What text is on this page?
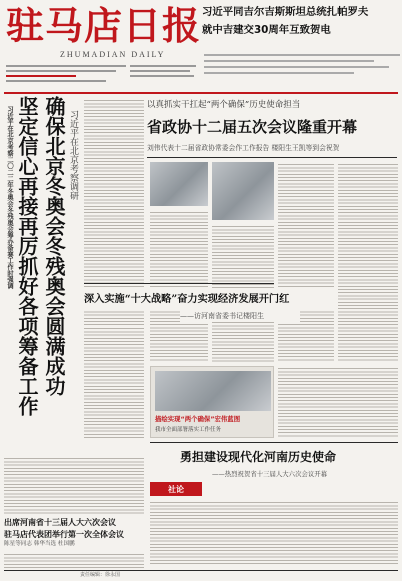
驻马店日报
ZHUMADIAN DAILY
习近平同吉尔吉斯斯坦总统扎帕罗夫
就中吉建交30周年互致贺电
以真抓实干扛起“两个确保”历史使命担当
省政协十二届五次会议隆重开幕
刘伟代表十二届省政协常委会作工作报告 楼阳生王凯等到会祝贺
习近平在北京考察调研
确保北京冬奥会冬残奥会圆满成功
坚定信心再接再厉抓好各项筹备工作
习近平在北京考察二〇二二年冬奥会冬残奥会筹办备赛工作时强调
深入实施“十大战略”奋力实现经济发展开门红
——访河南省委书记楼阳生
描绘实现“两个确保”宏伟蓝图
我市全面部署落实工作任务
出席河南省十三届人大六次会议
驻马店代表团举行第一次全体会议
陈星等同志 韩华当选 杜国鹏
勇担建设现代化河南历史使命
——热烈祝贺省十三届人大六次会议开幕
社论
责任编辑：徐永国
